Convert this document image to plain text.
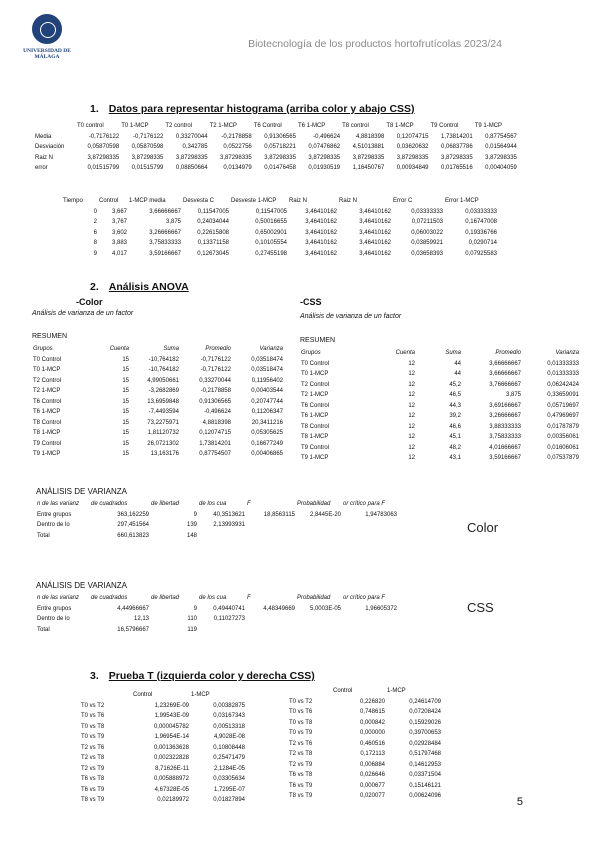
UNIVERSIDAD DE MÁLAGA
Biotecnología de los productos hortofrutícolas 2023/24
1. Datos para representar histograma (arriba color y abajo CSS)
T0 control	T0 1-MCP	T2 control	T2 1-MCP	T6 Control	T6 1-MCP	T8 control	T8 1-MCP	T9 Control	T9 1-MCP
Media	-0,7176122	-0,7176122	0,33270044	-0,2178858	0,91306565	-0,496624	4,8818398	0,12074715	1,73814201	0,87754567
Desviación	0,05870598	0,05870598	0,342785	0,0522756	0,05718221	0,07476862	4,51013881	0,03620632	0,06837786	0,01564944
Raiz N	3,87298335	3,87298335	3,87298335	3,87298335	3,87298335	3,87298335	3,87298335	3,87298335	3,87298335	3,87298335
error	0,01515799	0,01515799	0,08850664	0,0134979	0,01476458	0,01930519	1,16450767	0,00934849	0,01765516	0,00404059
Tiempo	Control	1-MCP media	Desvesta C	Desveste 1-MCP	Raiz N	Raiz N	Error C	Error 1-MCP
0	3,667	3,66666667	0,11547005	0,11547005	3,46410162	3,46410162	0,03333333	0,03333333
2	3,767	3,875	0,24034044	0,50016655	3,46410162	3,46410162	0,07211503	0,16747008
6	3,602	3,26666667	0,22615808	0,65002901	3,46410162	3,46410162	0,06003022	0,19336766
8	3,883	3,75833333	0,13371158	0,10105554	3,46410162	3,46410162	0,03859921	0,0290714
9	4,017	3,59166667	0,12673045	0,27455198	3,46410162	3,46410162	0,03658393	0,07925583
2. Análisis ANOVA
-Color	-CSS
Análisis de varianza de un factor
RESUMEN
Grupos	Cuenta	Suma	Promedio	Varianza
T0 Control	15	-10,764182	-0,7176122	0,03518474
T0 1-MCP	15	-10,764182	-0,7176122	0,03518474
T2 Control	15	4,99050661	0,33270044	0,11956402
T2 1-MCP	15	-3,2682869	-0,2178858	0,00403544
T6 Control	15	13,6959848	0,91306565	0,20747744
T6 1-MCP	15	-7,4493594	-0,496624	0,11206347
T8 Control	15	73,2275971	4,8818398	20,3411216
T8 1-MCP	15	1,81120732	0,12074715	0,05305625
T9 Control	15	26,0721302	1,73814201	0,16677249
T9 1-MCP	15	13,163176	0,87754507	0,00406865
Análisis de varianza de un factor
RESUMEN
Grupos	Cuenta	Suma	Promedio	Varianza
T0 Control	12	44	3,66666667	0,01333333
T0 1-MCP	12	44	3,66666667	0,01333333
T2 Control	12	45,2	3,76666667	0,06242424
T2 1-MCP	12	46,5	3,875	0,33659091
T6 Control	12	44,3	3,69166667	0,05719697
T6 1-MCP	12	39,2	3,26666667	0,47969697
T8 Control	12	46,6	3,88333333	0,01787879
T8 1-MCP	12	45,1	3,75833333	0,00356061
T9 Control	12	48,2	4,01666667	0,01606061
T9 1-MCP	12	43,1	3,59166667	0,07537879
ANÁLISIS DE VARIANZA
n de las varianz	de cuadrados	de libertad	de los cua	F	Probabilidad	or crítico para F
Entre grupos	363,162259	9	40,3513621	18,8563115	2,8445E-20	1,94783063
Dentro de lo	297,451564	139	2,13993931
Total	660,613823	148
Color
ANÁLISIS DE VARIANZA
n de las varianz	de cuadrados	de libertad	de los cua	F	Probabilidad	or crítico para F
Entre grupos	4,44966667	9	0,49440741	4,48349669	5,0003E-05	1,96605372
Dentro de lo	12,13	110	0,11027273
Total	16,5796667	119
CSS
3. Prueba T (izquierda color y derecha CSS)
Control	1-MCP
T0 vs T2	1,23269E-09	0,00382875
T0 vs T6	1,99543E-09	0,03167343
T0 vs T8	0,000045782	0,00513318
T0 vs T9	1,96954E-14	4,9028E-08
T2 vs T6	0,001363628	0,10808448
T2 vs T8	0,002322828	0,25471479
T2 vs T9	8,71626E-11	2,1284E-05
T6 vs T8	0,005888972	0,03305634
T6 vs T9	4,67328E-05	1,7295E-07
T8 vs T9	0,02189972	0,01827894
Control	1-MCP
T0 vs T2	0,226820	0,24614709
T0 vs T6	0,748615	0,07208424
T0 vs T8	0,000842	0,15929026
T0 vs T9	0,000000	0,39700653
T2 vs T6	0,460516	0,02928484
T2 vs T8	0,172113	0,51797468
T2 vs T9	0,006884	0,14612953
T6 vs T8	0,026646	0,03371504
T6 vs T9	0,000677	0,15146121
T8 vs T9	0,020077	0,00624096	5
